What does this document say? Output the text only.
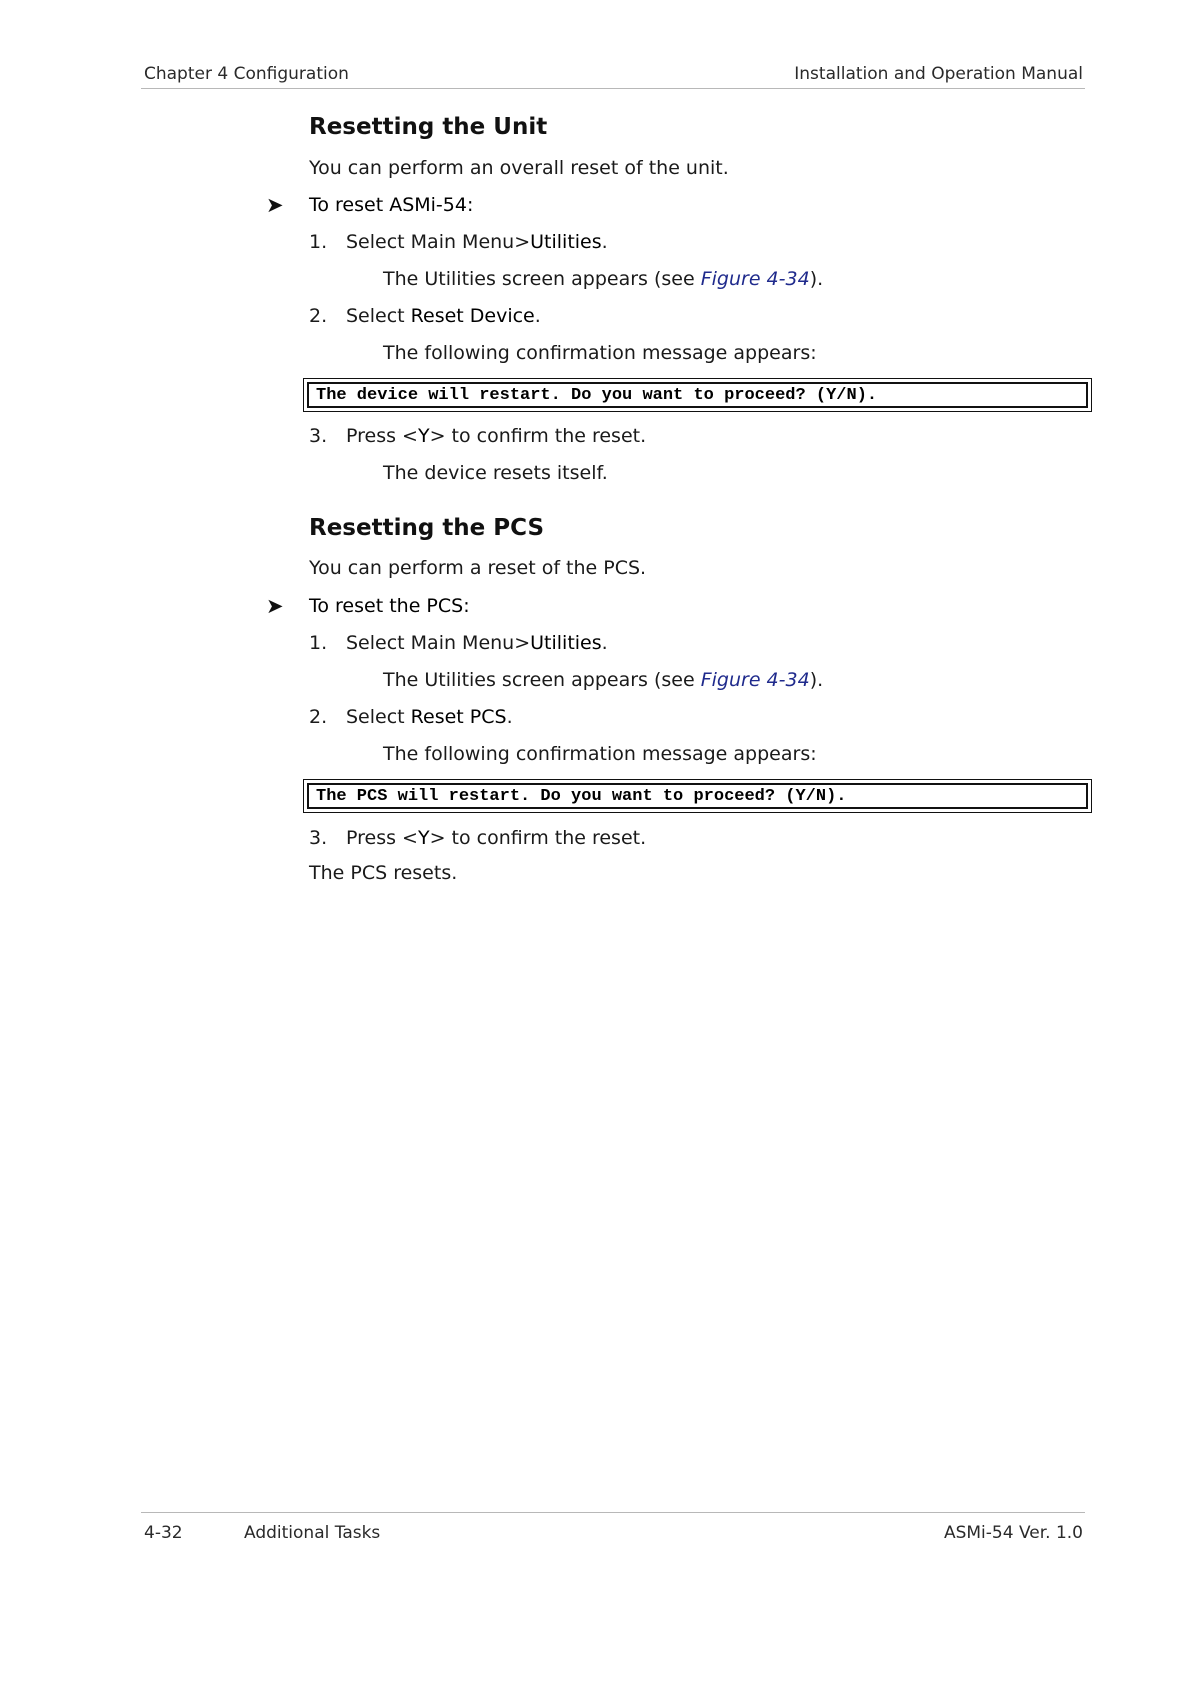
Chapter 4 Configuration	Installation and Operation Manual
Resetting the Unit
You can perform an overall reset of the unit.
➤ To reset ASMi-54:
1. Select Main Menu>Utilities.
The Utilities screen appears (see Figure 4-34).
2. Select Reset Device.
The following confirmation message appears:
The device will restart. Do you want to proceed? (Y/N).
3. Press <Y> to confirm the reset.
The device resets itself.
Resetting the PCS
You can perform a reset of the PCS.
➤ To reset the PCS:
1. Select Main Menu>Utilities.
The Utilities screen appears (see Figure 4-34).
2. Select Reset PCS.
The following confirmation message appears:
The PCS will restart. Do you want to proceed? (Y/N).
3. Press <Y> to confirm the reset.
The PCS resets.
4-32	Additional Tasks	ASMi-54 Ver. 1.0
